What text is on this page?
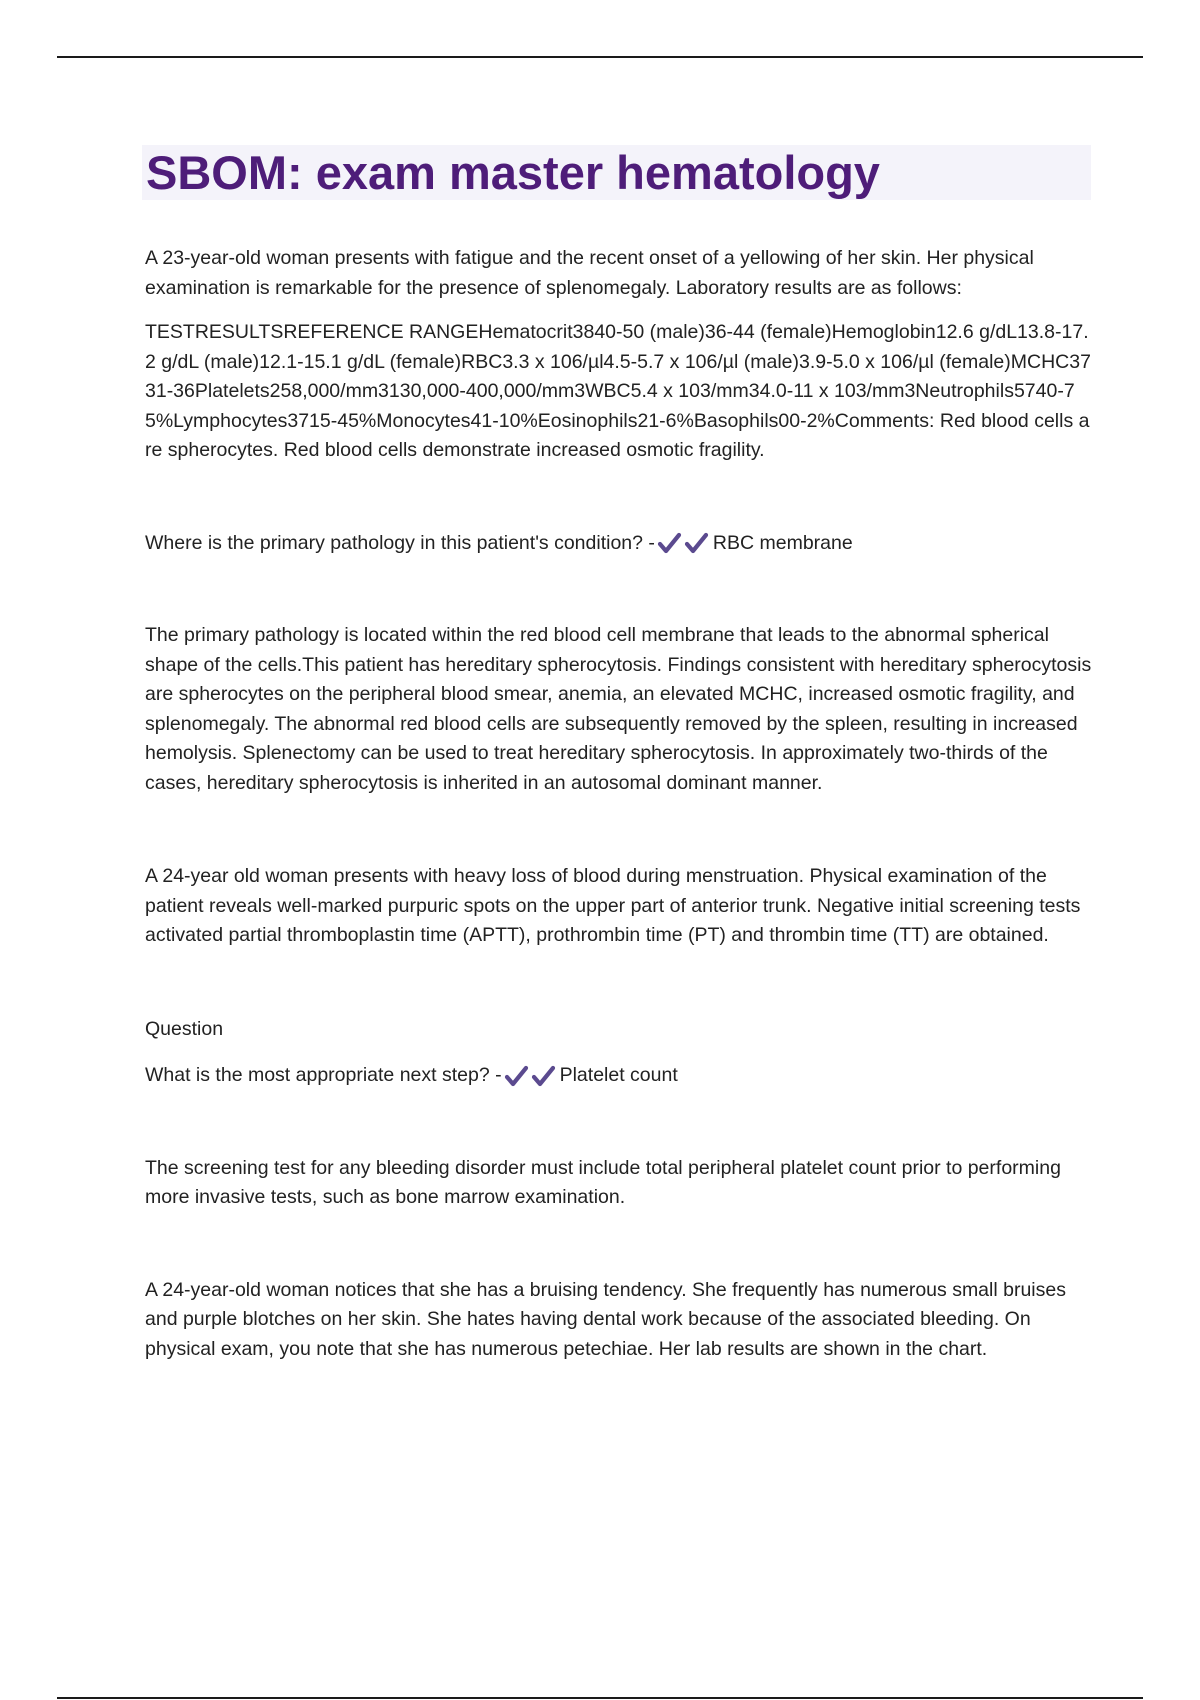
SBOM: exam master hematology

A 23-year-old woman presents with fatigue and the recent onset of a yellowing of her skin. Her physical examination is remarkable for the presence of splenomegaly. Laboratory results are as follows:

TESTRESULTSREFERENCE RANGEHematocrit3840-50 (male)36-44 (female)Hemoglobin12.6 g/dL13.8-17.2 g/dL (male)12.1-15.1 g/dL (female)RBC3.3 x 106/µl4.5-5.7 x 106/µl (male)3.9-5.0 x 106/µl (female)MCHC3731-36Platelets258,000/mm3130,000-400,000/mm3WBC5.4 x 103/mm34.0-11 x 103/mm3Neutrophils5740-75%Lymphocytes3715-45%Monocytes41-10%Eosinophils21-6%Basophils00-2%Comments: Red blood cells are spherocytes. Red blood cells demonstrate increased osmotic fragility.

Where is the primary pathology in this patient's condition? -	RBC membrane

The primary pathology is located within the red blood cell membrane that leads to the abnormal spherical shape of the cells.This patient has hereditary spherocytosis. Findings consistent with hereditary spherocytosis are spherocytes on the peripheral blood smear, anemia, an elevated MCHC, increased osmotic fragility, and splenomegaly. The abnormal red blood cells are subsequently removed by the spleen, resulting in increased hemolysis. Splenectomy can be used to treat hereditary spherocytosis. In approximately two-thirds of the cases, hereditary spherocytosis is inherited in an autosomal dominant manner.

A 24-year old woman presents with heavy loss of blood during menstruation. Physical examination of the patient reveals well-marked purpuric spots on the upper part of anterior trunk. Negative initial screening tests activated partial thromboplastin time (APTT), prothrombin time (PT) and thrombin time (TT) are obtained.

Question

What is the most appropriate next step? -	Platelet count

The screening test for any bleeding disorder must include total peripheral platelet count prior to performing more invasive tests, such as bone marrow examination.

A 24-year-old woman notices that she has a bruising tendency. She frequently has numerous small bruises and purple blotches on her skin. She hates having dental work because of the associated bleeding. On physical exam, you note that she has numerous petechiae. Her lab results are shown in the chart.
